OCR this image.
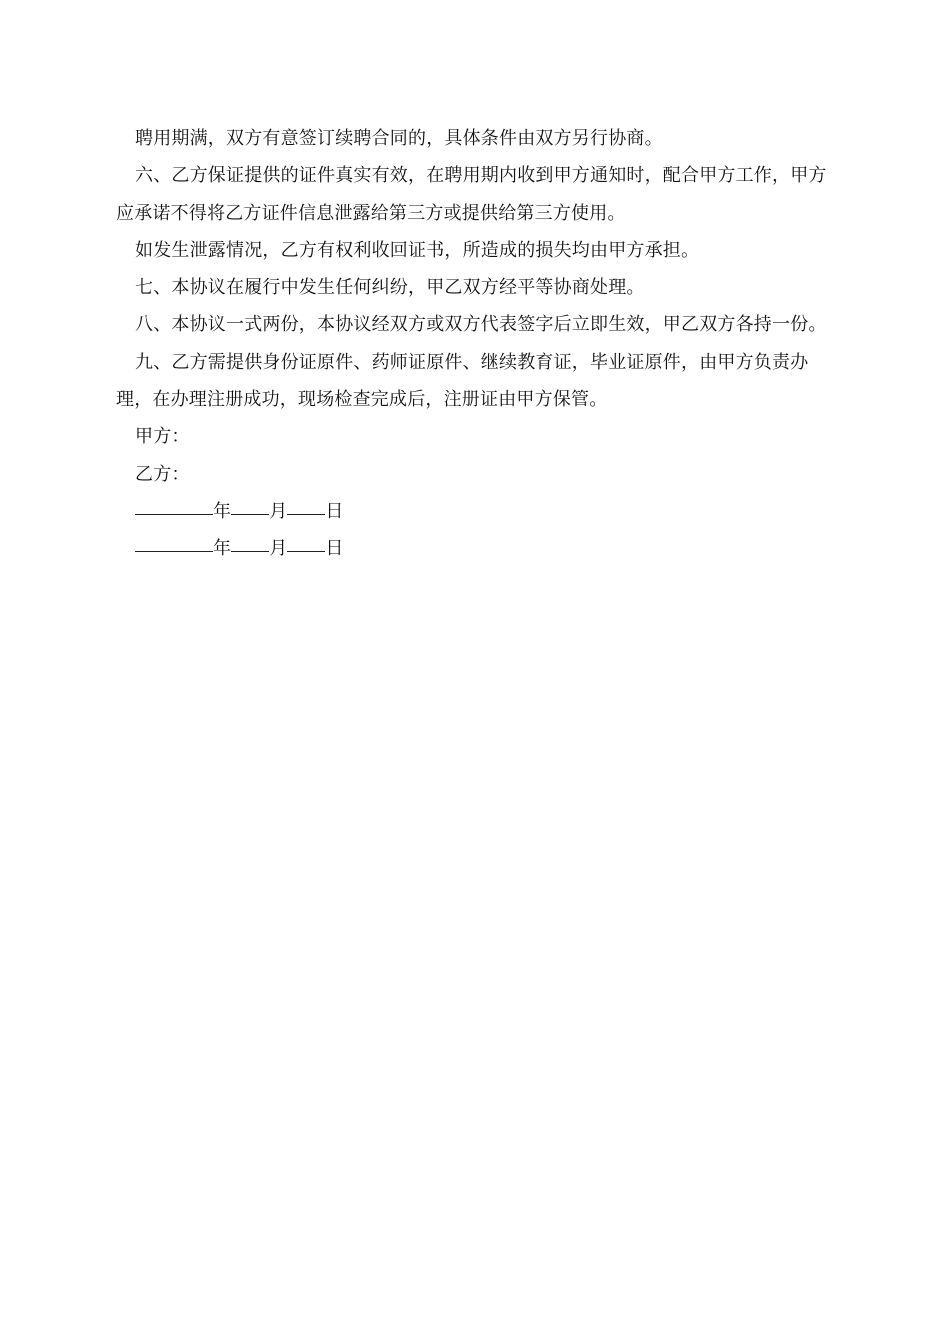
聘用期满，双方有意签订续聘合同的，具体条件由双方另行协商。

六、乙方保证提供的证件真实有效，在聘用期内收到甲方通知时，配合甲方工作，甲方应承诺不得将乙方证件信息泄露给第三方或提供给第三方使用。

如发生泄露情况，乙方有权利收回证书，所造成的损失均由甲方承担。

七、本协议在履行中发生任何纠纷，甲乙双方经平等协商处理。

八、本协议一式两份，本协议经双方或双方代表签字后立即生效，甲乙双方各持一份。

九、乙方需提供身份证原件、药师证原件、继续教育证，毕业证原件，由甲方负责办理，在办理注册成功，现场检查完成后，注册证由甲方保管。

甲方：

乙方：

年 月 日

年 月 日
